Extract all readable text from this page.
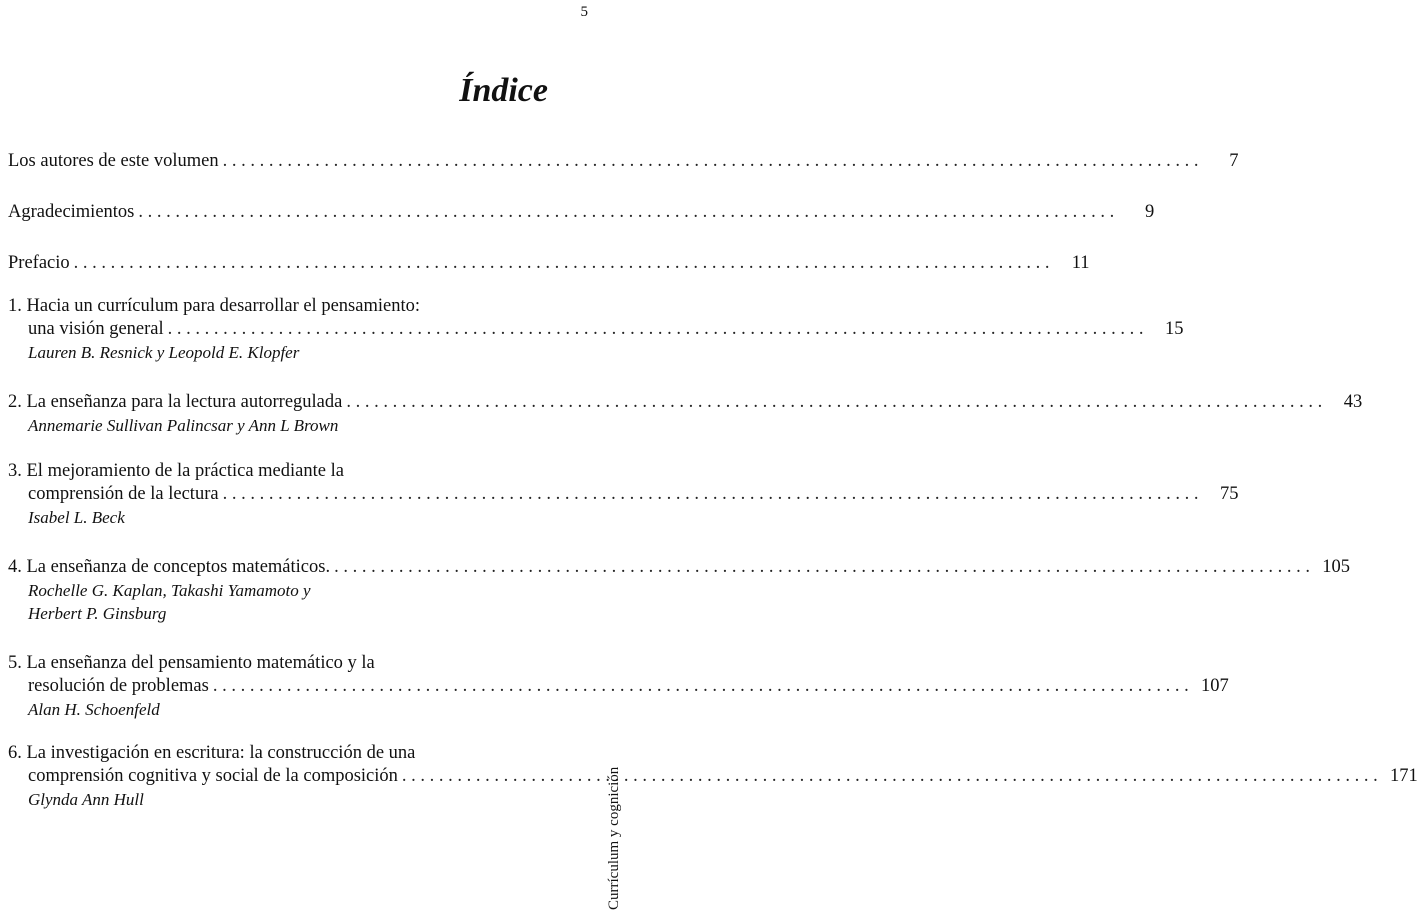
5
Índice
Los autores de este volumen . . .	7
Agradecimientos . . .	9
Prefacio . . .	11
1. Hacia un currículum para desarrollar el pensamiento:
una visión general . . .	15
Lauren B. Resnick y Leopold E. Klopfer
2. La enseñanza para la lectura autorregulada . . .	43
Annemarie Sullivan Palincsar y Ann L Brown
3. El mejoramiento de la práctica mediante la
comprensión de la lectura . . .	75
Isabel L. Beck
4. La enseñanza de conceptos matemáticos. . . .	105
Rochelle G. Kaplan, Takashi Yamamoto y
Herbert P. Ginsburg
5. La enseñanza del pensamiento matemático y la
resolución de problemas . . .	107
Alan H. Schoenfeld
6. La investigación en escritura: la construcción de una
comprensión cognitiva y social de la composición . . .	171
Glynda Ann Hull	Currículum y cognición
